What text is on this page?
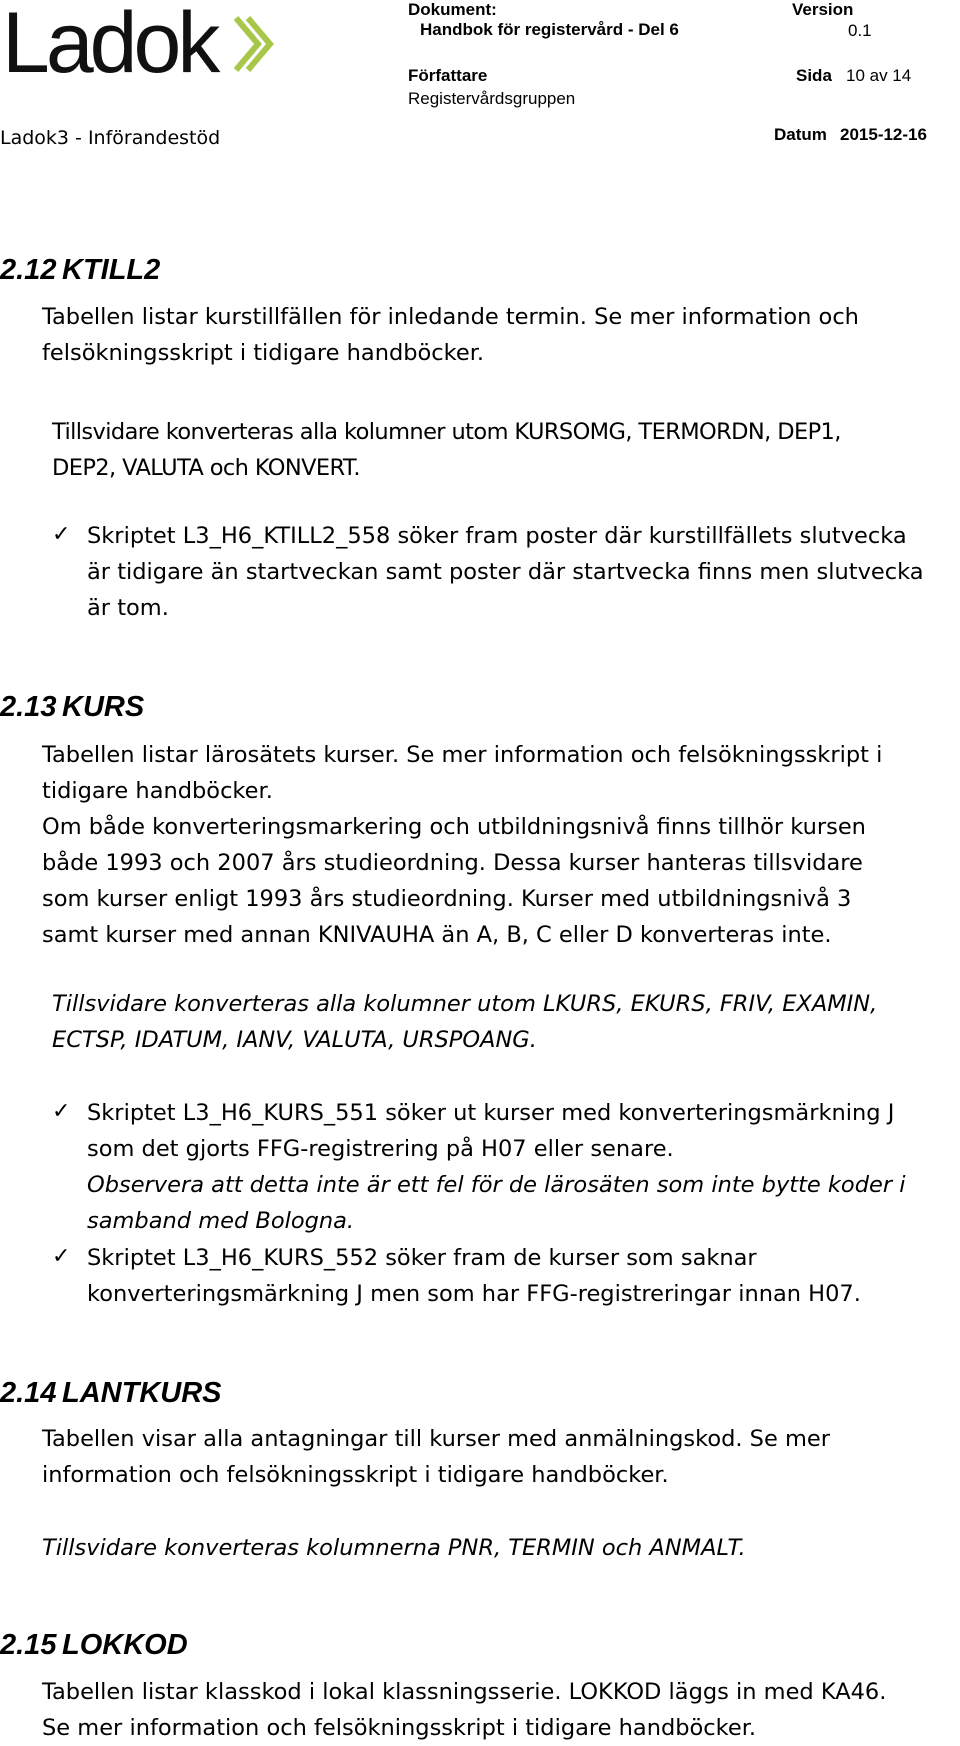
Ladok	Dokument:
Handbok för registervård - Del 6
Version
0.1
Författare
Registervårdsgruppen
Sida 10 av 14
Ladok3 - Införandestöd	Datum 2015-12-16
2.12 KTILL2
Tabellen listar kurstillfällen för inledande termin. Se mer information och
felsökningsskript i tidigare handböcker.
Tillsvidare konverteras alla kolumner utom KURSOMG, TERMORDN, DEP1,
DEP2, VALUTA och KONVERT.
✓ Skriptet L3_H6_KTILL2_558 söker fram poster där kurstillfällets slutvecka
är tidigare än startveckan samt poster där startvecka finns men slutvecka
är tom.
2.13 KURS
Tabellen listar lärosätets kurser. Se mer information och felsökningsskript i
tidigare handböcker.
Om både konverteringsmarkering och utbildningsnivå finns tillhör kursen
både 1993 och 2007 års studieordning. Dessa kurser hanteras tillsvidare
som kurser enligt 1993 års studieordning. Kurser med utbildningsnivå 3
samt kurser med annan KNIVAUHA än A, B, C eller D konverteras inte.
Tillsvidare konverteras alla kolumner utom LKURS, EKURS, FRIV, EXAMIN,
ECTSP, IDATUM, IANV, VALUTA, URSPOANG.
✓ Skriptet L3_H6_KURS_551 söker ut kurser med konverteringsmärkning J
som det gjorts FFG-registrering på H07 eller senare.
Observera att detta inte är ett fel för de lärosäten som inte bytte koder i
samband med Bologna.
✓ Skriptet L3_H6_KURS_552 söker fram de kurser som saknar
konverteringsmärkning J men som har FFG-registreringar innan H07.
2.14 LANTKURS
Tabellen visar alla antagningar till kurser med anmälningskod. Se mer
information och felsökningsskript i tidigare handböcker.
Tillsvidare konverteras kolumnerna PNR, TERMIN och ANMALT.
2.15 LOKKOD
Tabellen listar klasskod i lokal klassningsserie. LOKKOD läggs in med KA46.
Se mer information och felsökningsskript i tidigare handböcker.
